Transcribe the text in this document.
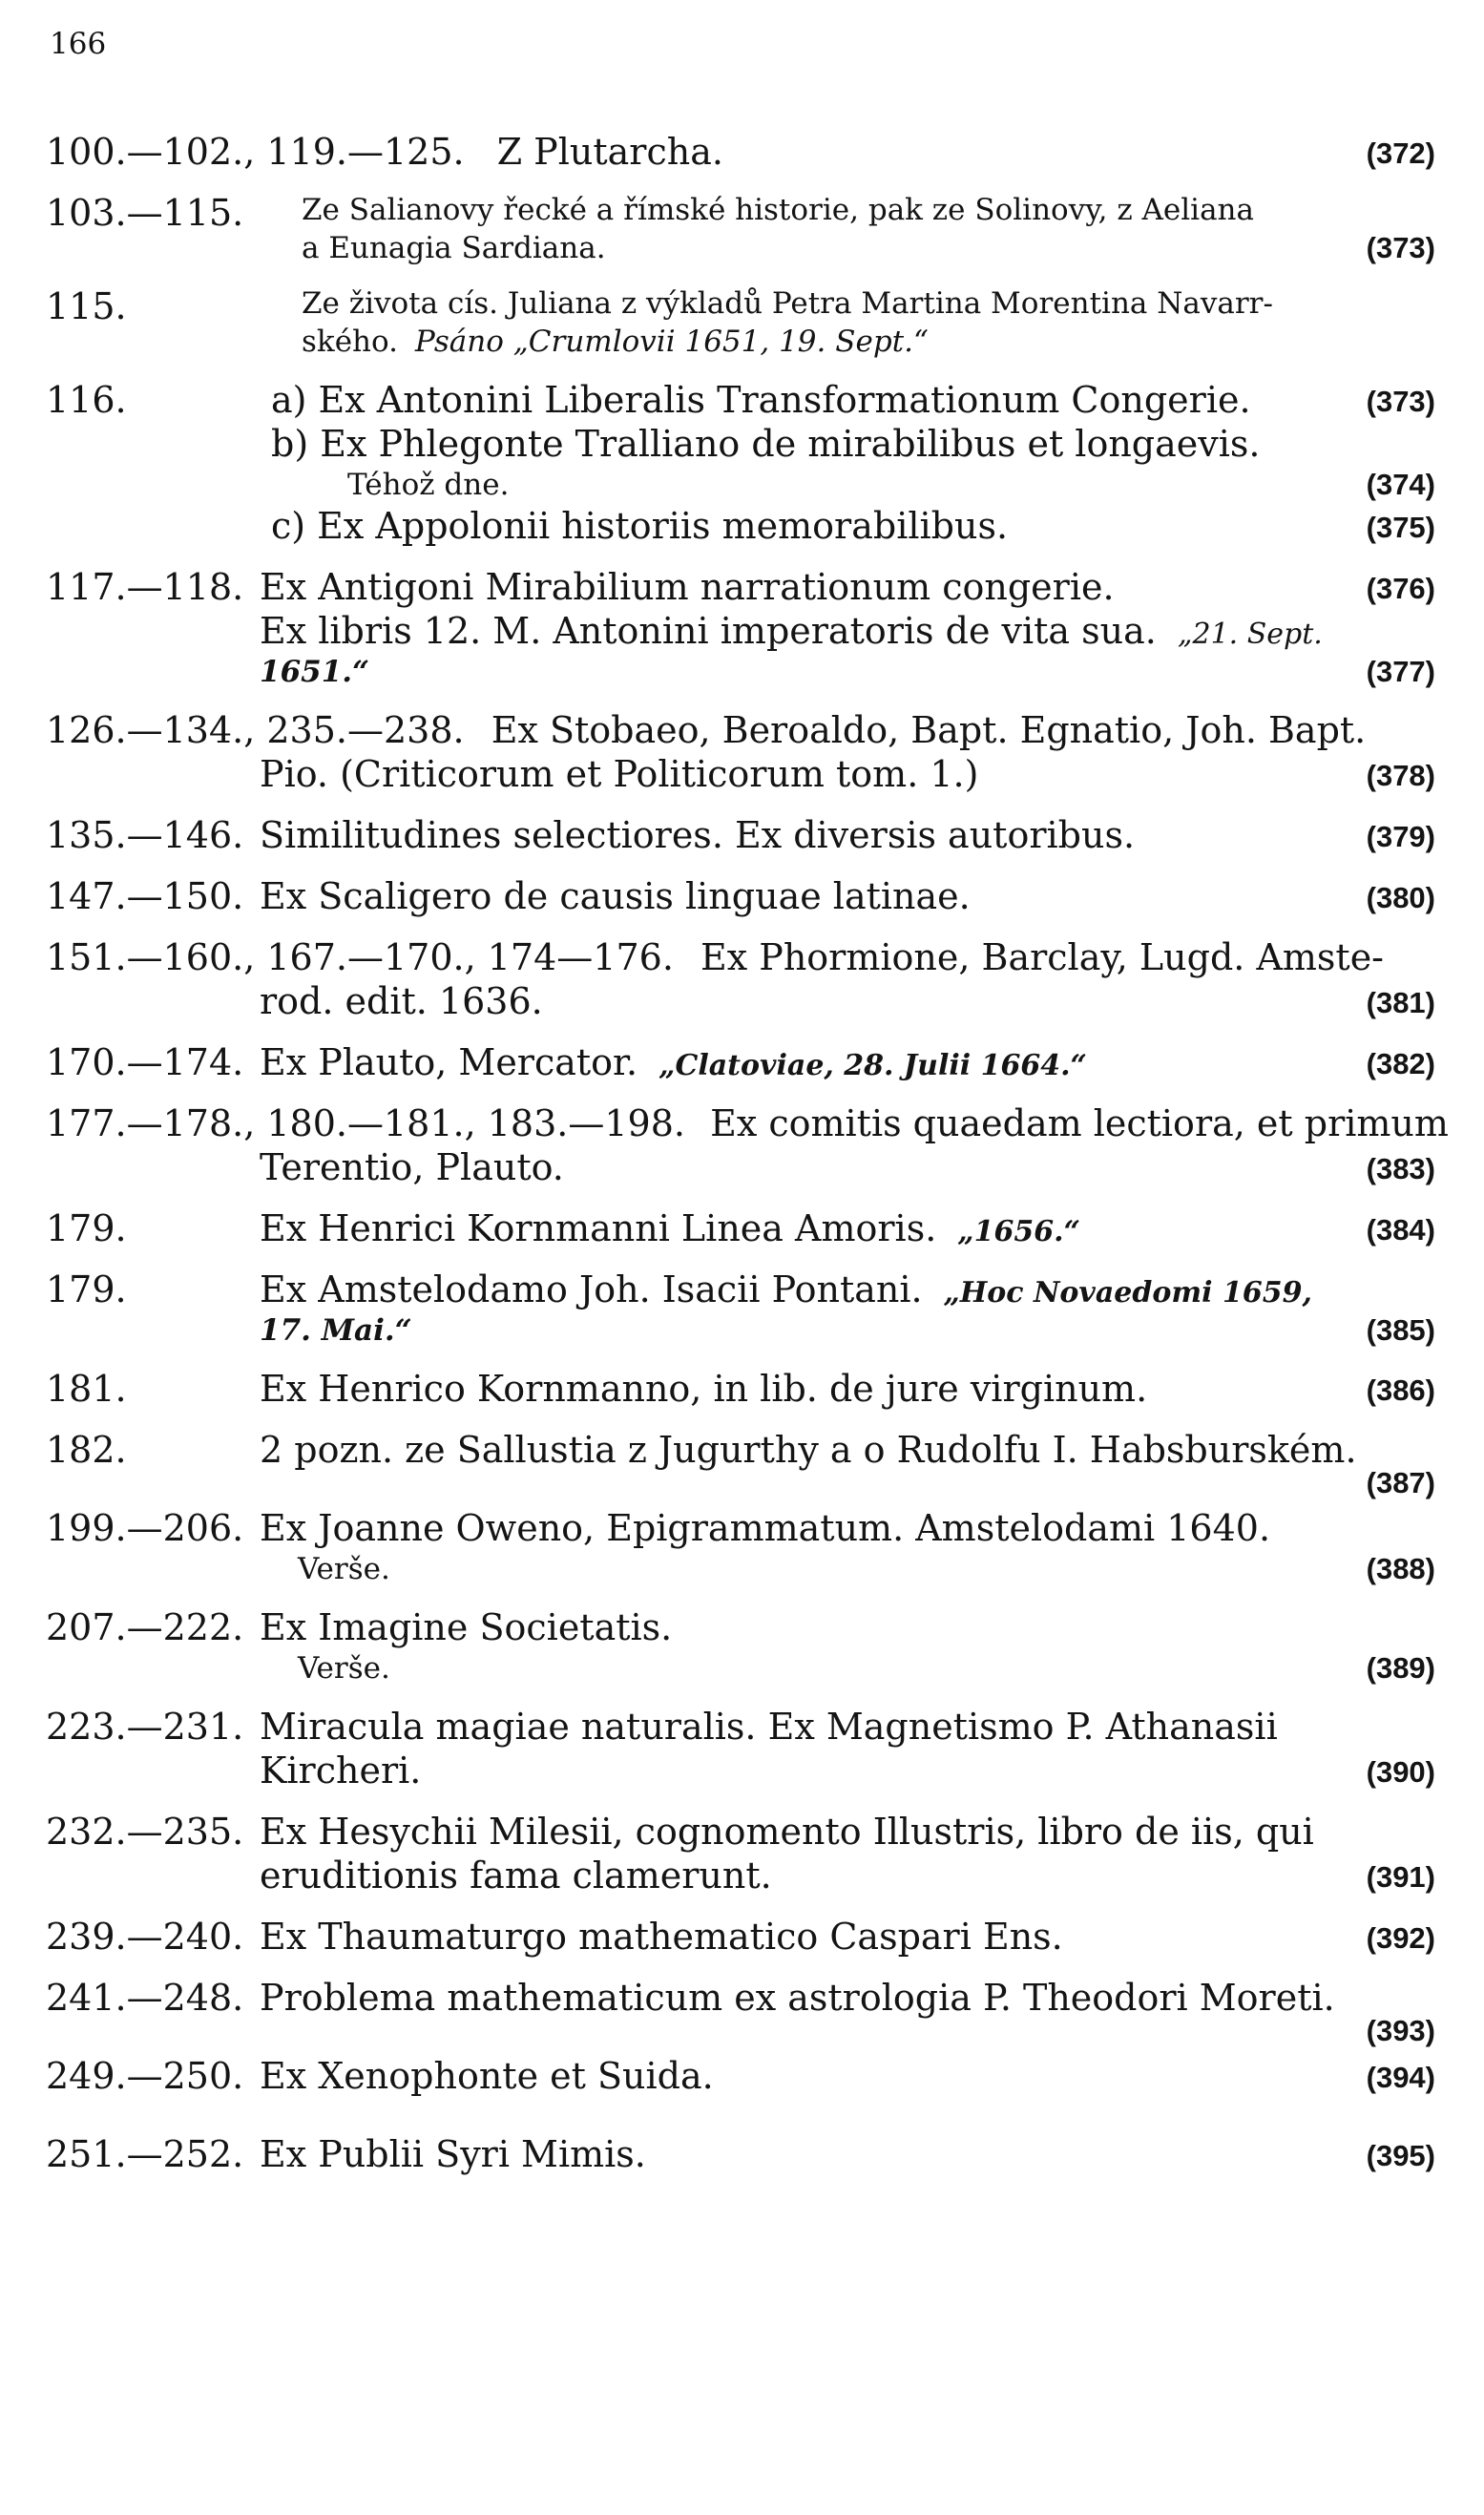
166
100.—102., 119.—125. Z Plutarcha.	(372)
103.—115. Ze Salianovy řecké a římské historie, pak ze Solinovy, z Aeliana
a Eunagia Sardiana.	(373)
115.	Ze života cís. Juliana z výkladů Petra Martina Morentina Navarr-
ského. Psáno „Crumlovii 1651, 19. Sept.“
116.	a) Ex Antonini Liberalis Transformationum Congerie.	(373)
b) Ex Phlegonte Tralliano de mirabilibus et longaevis.
Téhož dne.	(374)
c) Ex Appolonii historiis memorabilibus.	(375)
117.—118. Ex Antigoni Mirabilium narrationum congerie.	(376)
Ex libris 12. M. Antonini imperatoris de vita sua. „21. Sept.
1651.“	(377)
126.—134., 235.—238. Ex Stobaeo, Beroaldo, Bapt. Egnatio, Joh. Bapt.
Pio. (Criticorum et Politicorum tom. 1.)	(378)
135.—146. Similitudines selectiores. Ex diversis autoribus.	(379)
147.—150. Ex Scaligero de causis linguae latinae.	(380)
151.—160., 167.—170., 174—176. Ex Phormione, Barclay, Lugd. Amste-
rod. edit. 1636.	(381)
170.—174. Ex Plauto, Mercator. „Clatoviae, 28. Julii 1664.“	(382)
177.—178., 180.—181., 183.—198. Ex comitis quaedam lectiora, et primum
Terentio, Plauto.	(383)
179.	Ex Henrici Kornmanni Linea Amoris. „1656.“	(384)
179.	Ex Amstelodamo Joh. Isacii Pontani. „Hoc Novaedomi 1659,
17. Mai.“	(385)
181.	Ex Henrico Kornmanno, in lib. de jure virginum.	(386)
182.	2 pozn. ze Sallustia z Jugurthy a o Rudolfu I. Habsburském.
(387)
199.—206. Ex Joanne Oweno, Epigrammatum. Amstelodami 1640.
Verše.	(388)
207.—222. Ex Imagine Societatis.
Verše.	(389)
223.—231. Miracula magiae naturalis. Ex Magnetismo P. Athanasii
Kircheri.	(390)
232.—235. Ex Hesychii Milesii, cognomento Illustris, libro de iis, qui
eruditionis fama clamerunt.	(391)
239.—240. Ex Thaumaturgo mathematico Caspari Ens.	(392)
241.—248. Problema mathematicum ex astrologia P. Theodori Moreti.
(393)
249.—250. Ex Xenophonte et Suida.	(394)
251.—252. Ex Publii Syri Mimis.	(395)
